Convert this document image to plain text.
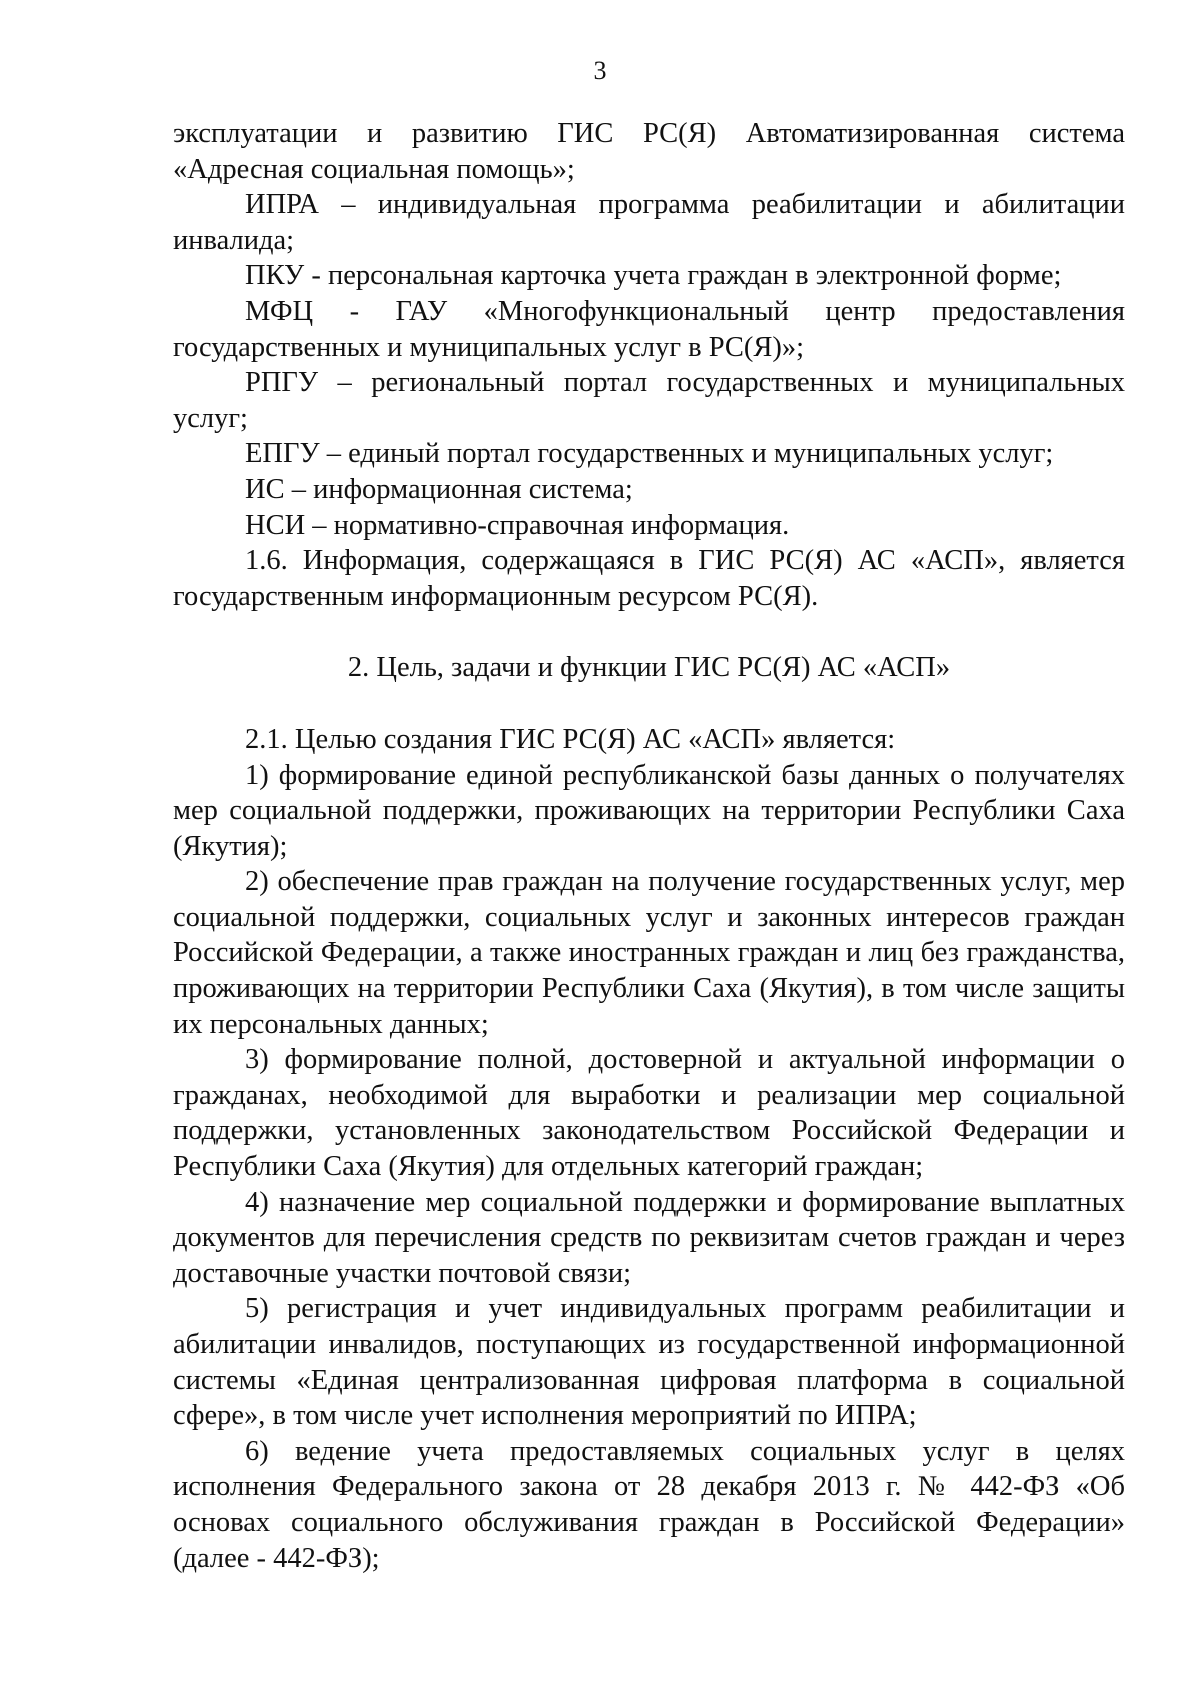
3

эксплуатации и развитию ГИС РС(Я) Автоматизированная система «Адресная социальная помощь»;

ИПРА – индивидуальная программа реабилитации и абилитации инвалида;

ПКУ - персональная карточка учета граждан в электронной форме;

МФЦ - ГАУ «Многофункциональный центр предоставления государственных и муниципальных услуг в РС(Я)»;

РПГУ – региональный портал государственных и муниципальных услуг;

ЕПГУ – единый портал государственных и муниципальных услуг;

ИС – информационная система;

НСИ – нормативно-справочная информация.

1.6. Информация, содержащаяся в ГИС РС(Я) АС «АСП», является государственным информационным ресурсом РС(Я).

2. Цель, задачи и функции ГИС РС(Я) АС «АСП»

2.1. Целью создания ГИС РС(Я) АС «АСП» является:

1) формирование единой республиканской базы данных о получателях мер социальной поддержки, проживающих на территории Республики Саха (Якутия);

2) обеспечение прав граждан на получение государственных услуг, мер социальной поддержки, социальных услуг и законных интересов граждан Российской Федерации, а также иностранных граждан и лиц без гражданства, проживающих на территории Республики Саха (Якутия), в том числе защиты их персональных данных;

3) формирование полной, достоверной и актуальной информации о гражданах, необходимой для выработки и реализации мер социальной поддержки, установленных законодательством Российской Федерации и Республики Саха (Якутия) для отдельных категорий граждан;

4) назначение мер социальной поддержки и формирование выплатных документов для перечисления средств по реквизитам счетов граждан и через доставочные участки почтовой связи;

5) регистрация и учет индивидуальных программ реабилитации и абилитации инвалидов, поступающих из государственной информационной системы «Единая централизованная цифровая платформа в социальной сфере», в том числе учет исполнения мероприятий по ИПРА;

6) ведение учета предоставляемых социальных услуг в целях исполнения Федерального закона от 28 декабря 2013 г. № 442-ФЗ «Об основах социального обслуживания граждан в Российской Федерации» (далее - 442-ФЗ);
